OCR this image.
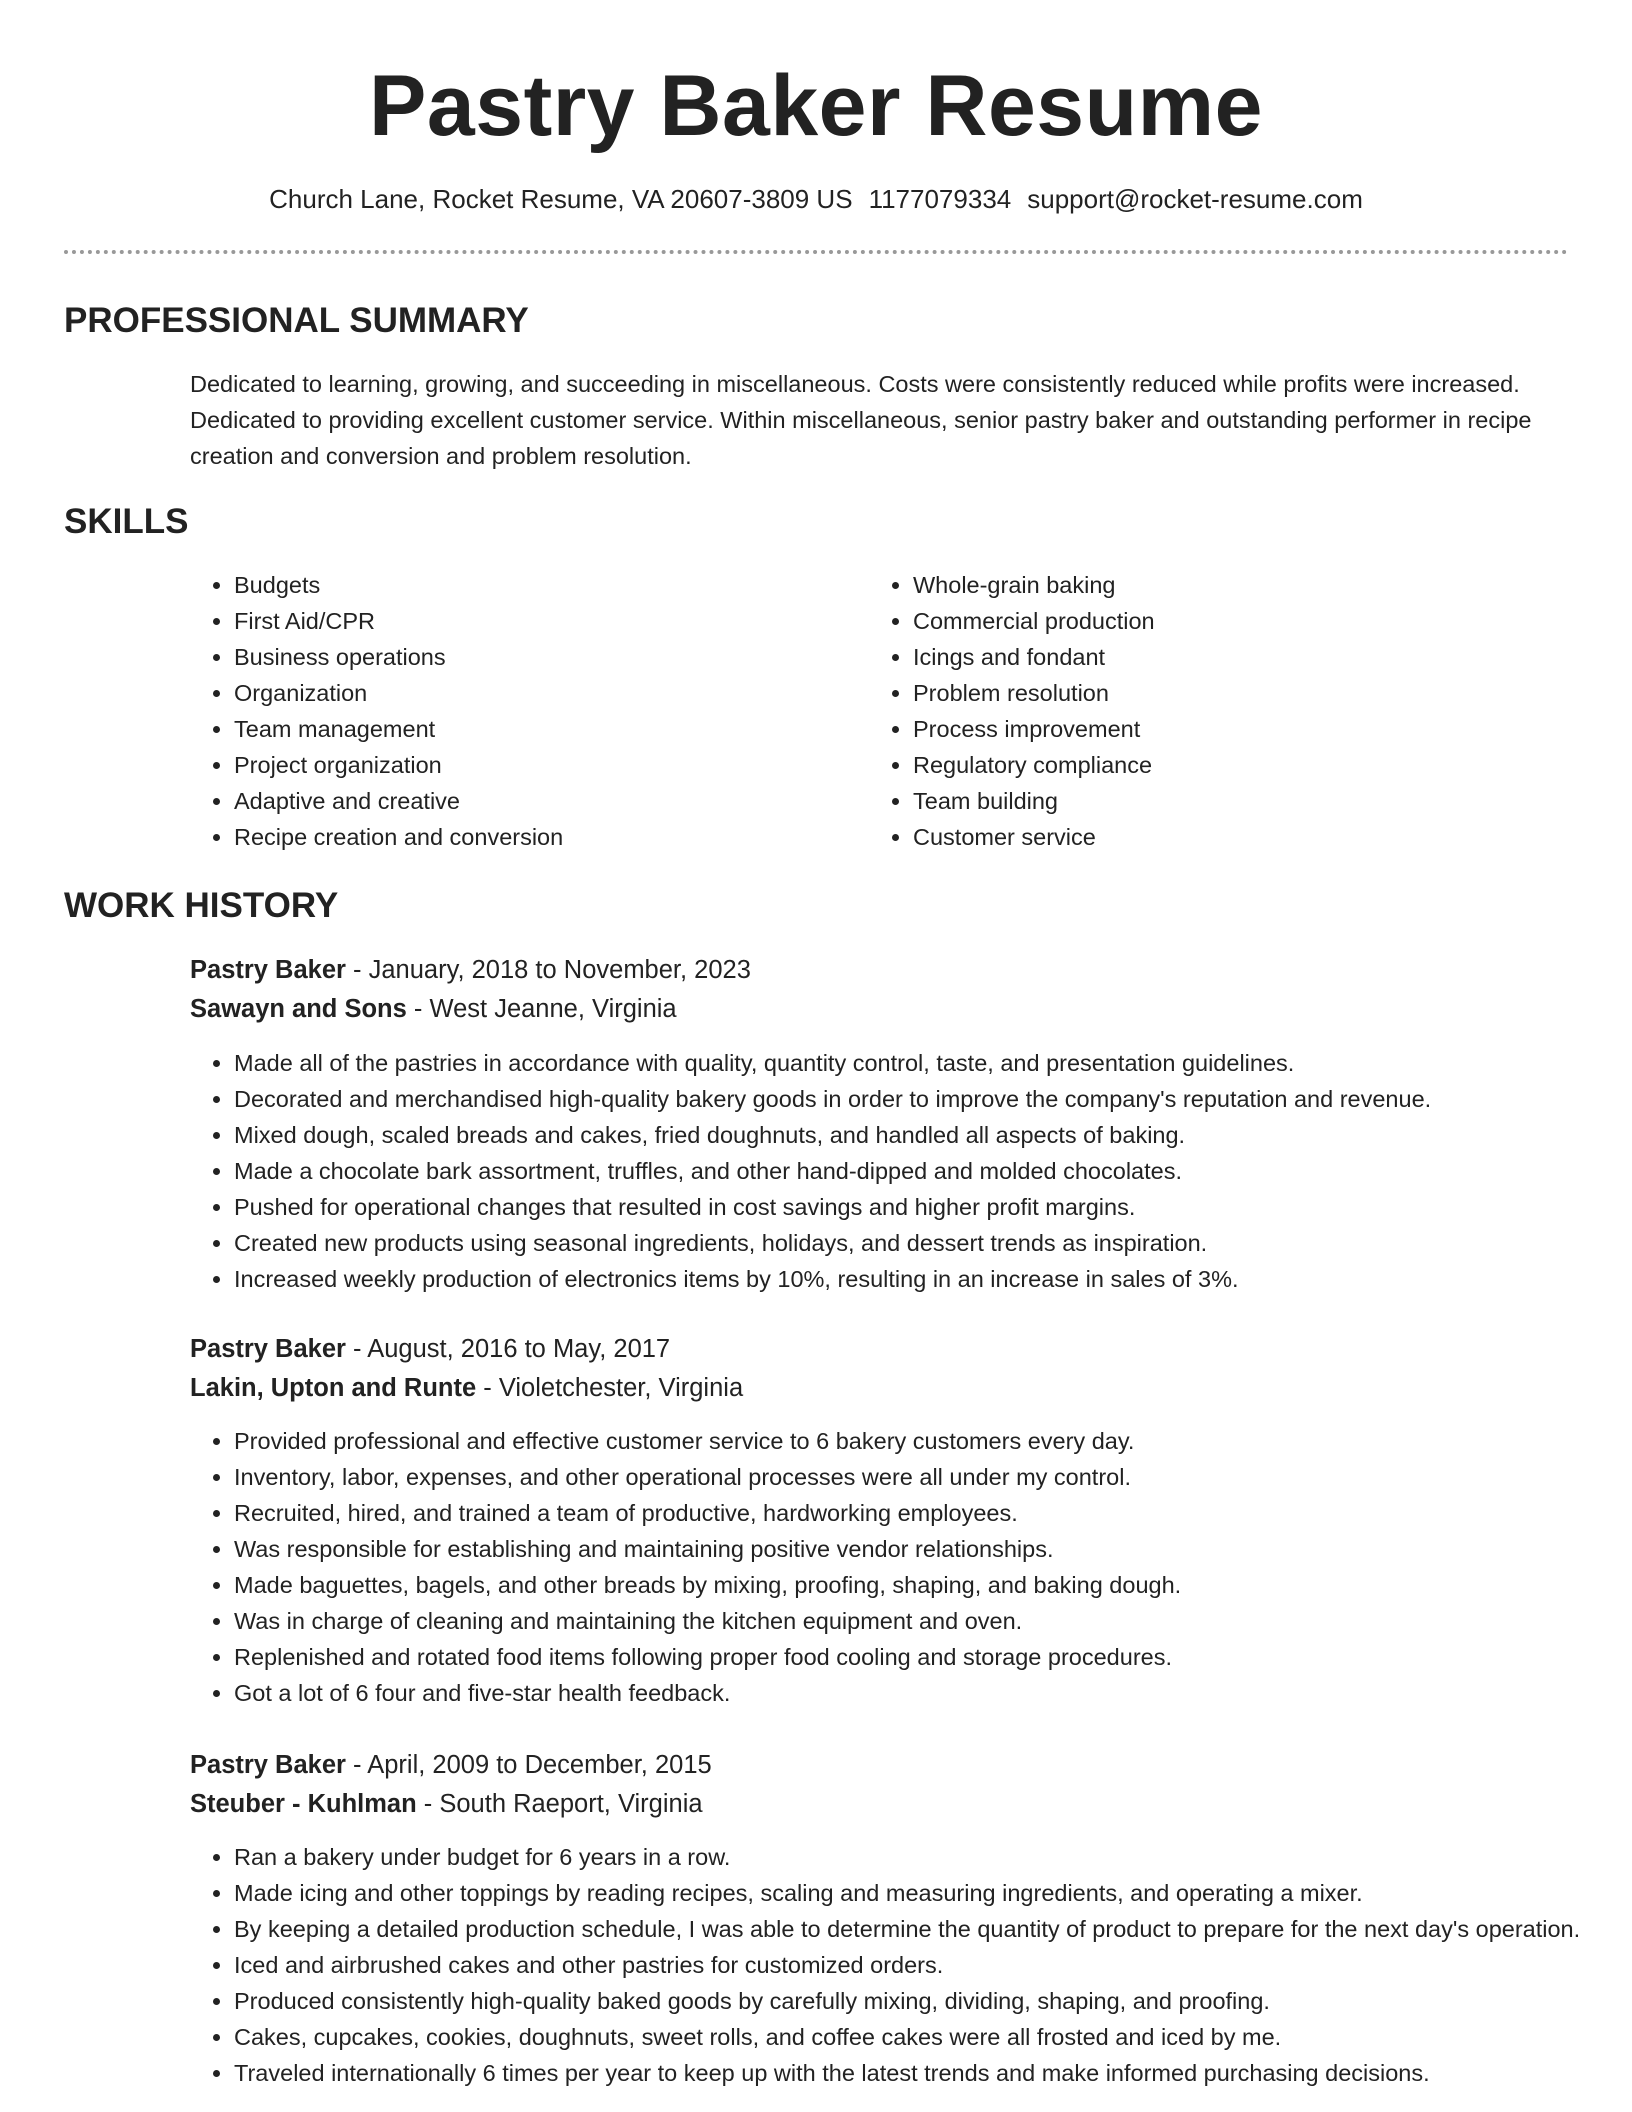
Pastry Baker Resume
Church Lane, Rocket Resume, VA 20607-3809 US 1177079334 support@rocket-resume.com
PROFESSIONAL SUMMARY

Dedicated to learning, growing, and succeeding in miscellaneous. Costs were consistently reduced while profits were increased. Dedicated to providing excellent customer service. Within miscellaneous, senior pastry baker and outstanding performer in recipe creation and conversion and problem resolution.

SKILLS
• Budgets
• First Aid/CPR
• Business operations
• Organization
• Team management
• Project organization
• Adaptive and creative
• Recipe creation and conversion
• Whole-grain baking
• Commercial production
• Icings and fondant
• Problem resolution
• Process improvement
• Regulatory compliance
• Team building
• Customer service
WORK HISTORY
Pastry Baker - January, 2018 to November, 2023
Sawayn and Sons - West Jeanne, Virginia
• Made all of the pastries in accordance with quality, quantity control, taste, and presentation guidelines.
• Decorated and merchandised high-quality bakery goods in order to improve the company's reputation and revenue.
• Mixed dough, scaled breads and cakes, fried doughnuts, and handled all aspects of baking.
• Made a chocolate bark assortment, truffles, and other hand-dipped and molded chocolates.
• Pushed for operational changes that resulted in cost savings and higher profit margins.
• Created new products using seasonal ingredients, holidays, and dessert trends as inspiration.
• Increased weekly production of electronics items by 10%, resulting in an increase in sales of 3%.
Pastry Baker - August, 2016 to May, 2017
Lakin, Upton and Runte - Violetchester, Virginia
• Provided professional and effective customer service to 6 bakery customers every day.
• Inventory, labor, expenses, and other operational processes were all under my control.
• Recruited, hired, and trained a team of productive, hardworking employees.
• Was responsible for establishing and maintaining positive vendor relationships.
• Made baguettes, bagels, and other breads by mixing, proofing, shaping, and baking dough.
• Was in charge of cleaning and maintaining the kitchen equipment and oven.
• Replenished and rotated food items following proper food cooling and storage procedures.
• Got a lot of 6 four and five-star health feedback.
Pastry Baker - April, 2009 to December, 2015
Steuber - Kuhlman - South Raeport, Virginia
• Ran a bakery under budget for 6 years in a row.
• Made icing and other toppings by reading recipes, scaling and measuring ingredients, and operating a mixer.
• By keeping a detailed production schedule, I was able to determine the quantity of product to prepare for the next day's operation.
• Iced and airbrushed cakes and other pastries for customized orders.
• Produced consistently high-quality baked goods by carefully mixing, dividing, shaping, and proofing.
• Cakes, cupcakes, cookies, doughnuts, sweet rolls, and coffee cakes were all frosted and iced by me.
• Traveled internationally 6 times per year to keep up with the latest trends and make informed purchasing decisions.
